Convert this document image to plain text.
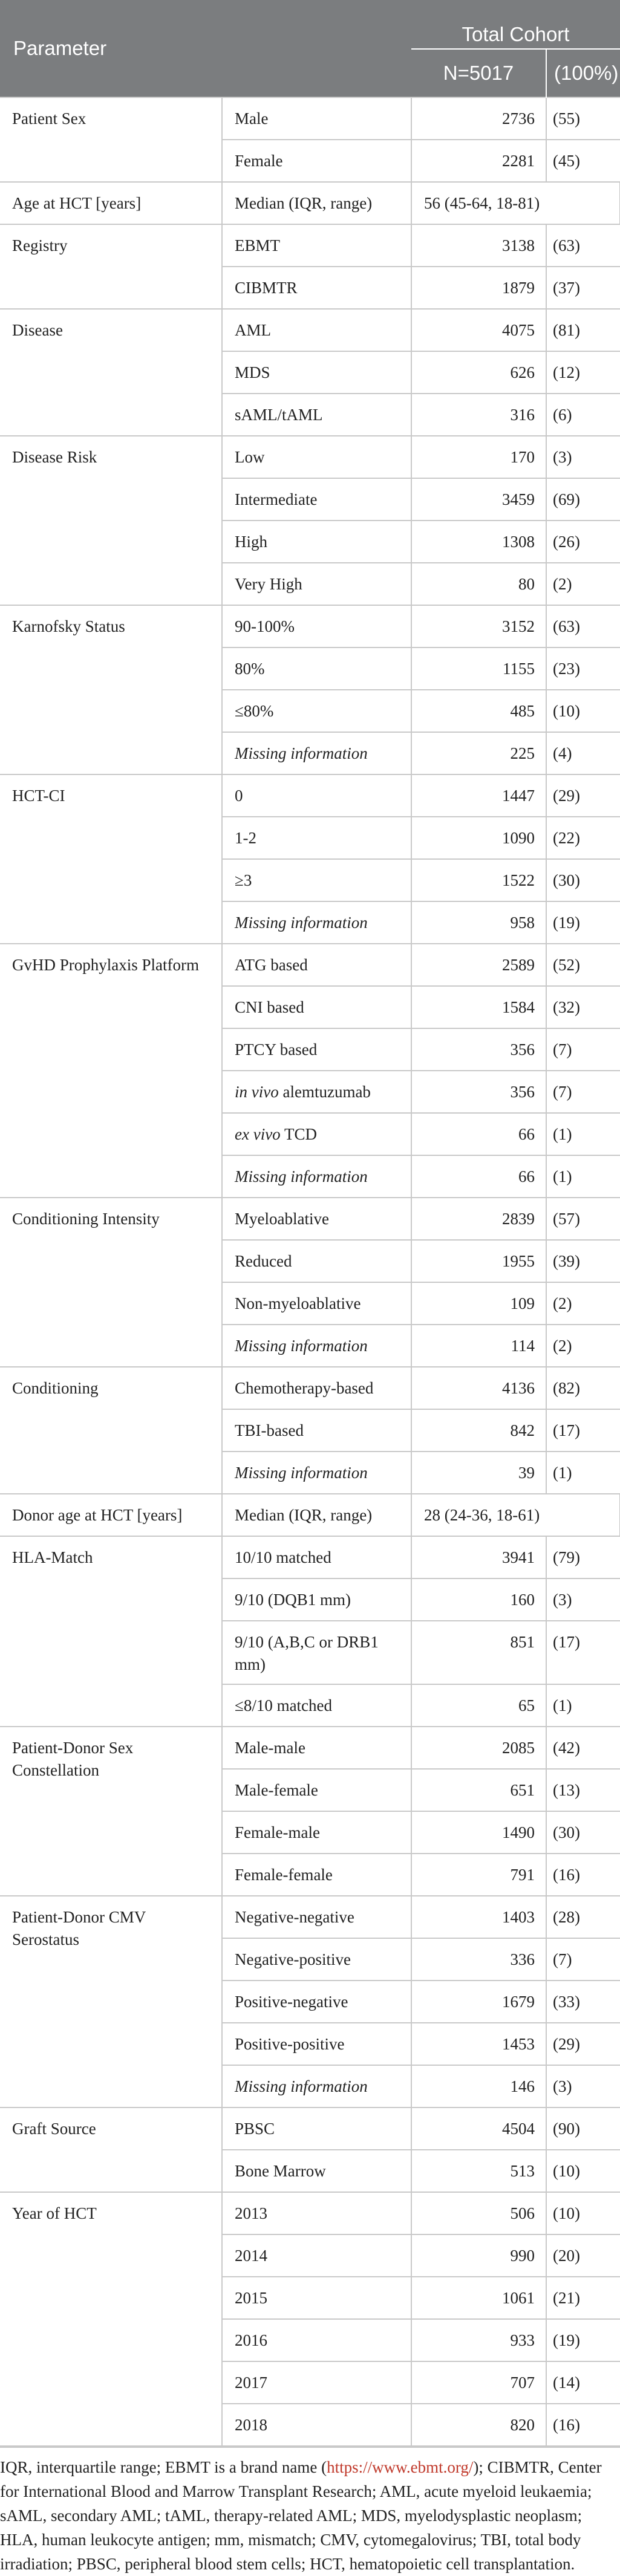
Parameter		Total Cohort	
		N=5017	(100%)
Patient Sex	Male	2736	(55)
	Female	2281	(45)
Age at HCT [years]	Median (IQR, range)	56 (45-64, 18-81)	
Registry	EBMT	3138	(63)
	CIBMTR	1879	(37)
Disease	AML	4075	(81)
	MDS	626	(12)
	sAML/tAML	316	(6)
Disease Risk	Low	170	(3)
	Intermediate	3459	(69)
	High	1308	(26)
	Very High	80	(2)
Karnofsky Status	90-100%	3152	(63)
	80%	1155	(23)
	≤80%	485	(10)
	Missing information	225	(4)
HCT-CI	0	1447	(29)
	1-2	1090	(22)
	≥3	1522	(30)
	Missing information	958	(19)
GvHD Prophylaxis Platform	ATG based	2589	(52)
	CNI based	1584	(32)
	PTCY based	356	(7)
	in vivo alemtuzumab	356	(7)
	ex vivo TCD	66	(1)
	Missing information	66	(1)
Conditioning Intensity	Myeloablative	2839	(57)
	Reduced	1955	(39)
	Non-myeloablative	109	(2)
	Missing information	114	(2)
Conditioning	Chemotherapy-based	4136	(82)
	TBI-based	842	(17)
	Missing information	39	(1)
Donor age at HCT [years]	Median (IQR, range)	28 (24-36, 18-61)	
HLA-Match	10/10 matched	3941	(79)
	9/10 (DQB1 mm)	160	(3)
	9/10 (A,B,C or DRB1 mm)	851	(17)
	≤8/10 matched	65	(1)
Patient-Donor Sex Constellation	Male-male	2085	(42)
	Male-female	651	(13)
	Female-male	1490	(30)
	Female-female	791	(16)
Patient-Donor CMV Serostatus	Negative-negative	1403	(28)
	Negative-positive	336	(7)
	Positive-negative	1679	(33)
	Positive-positive	1453	(29)
	Missing information	146	(3)
Graft Source	PBSC	4504	(90)
	Bone Marrow	513	(10)
Year of HCT	2013	506	(10)
	2014	990	(20)
	2015	1061	(21)
	2016	933	(19)
	2017	707	(14)
	2018	820	(16)
IQR, interquartile range; EBMT is a brand name (https://www.ebmt.org/); CIBMTR, Center for International Blood and Marrow Transplant Research; AML, acute myeloid leukaemia; sAML, secondary AML; tAML, therapy-related AML; MDS, myelodysplastic neoplasm; HLA, human leukocyte antigen; mm, mismatch; CMV, cytomegalovirus; TBI, total body irradiation; PBSC, peripheral blood stem cells; HCT, hematopoietic cell transplantation.
